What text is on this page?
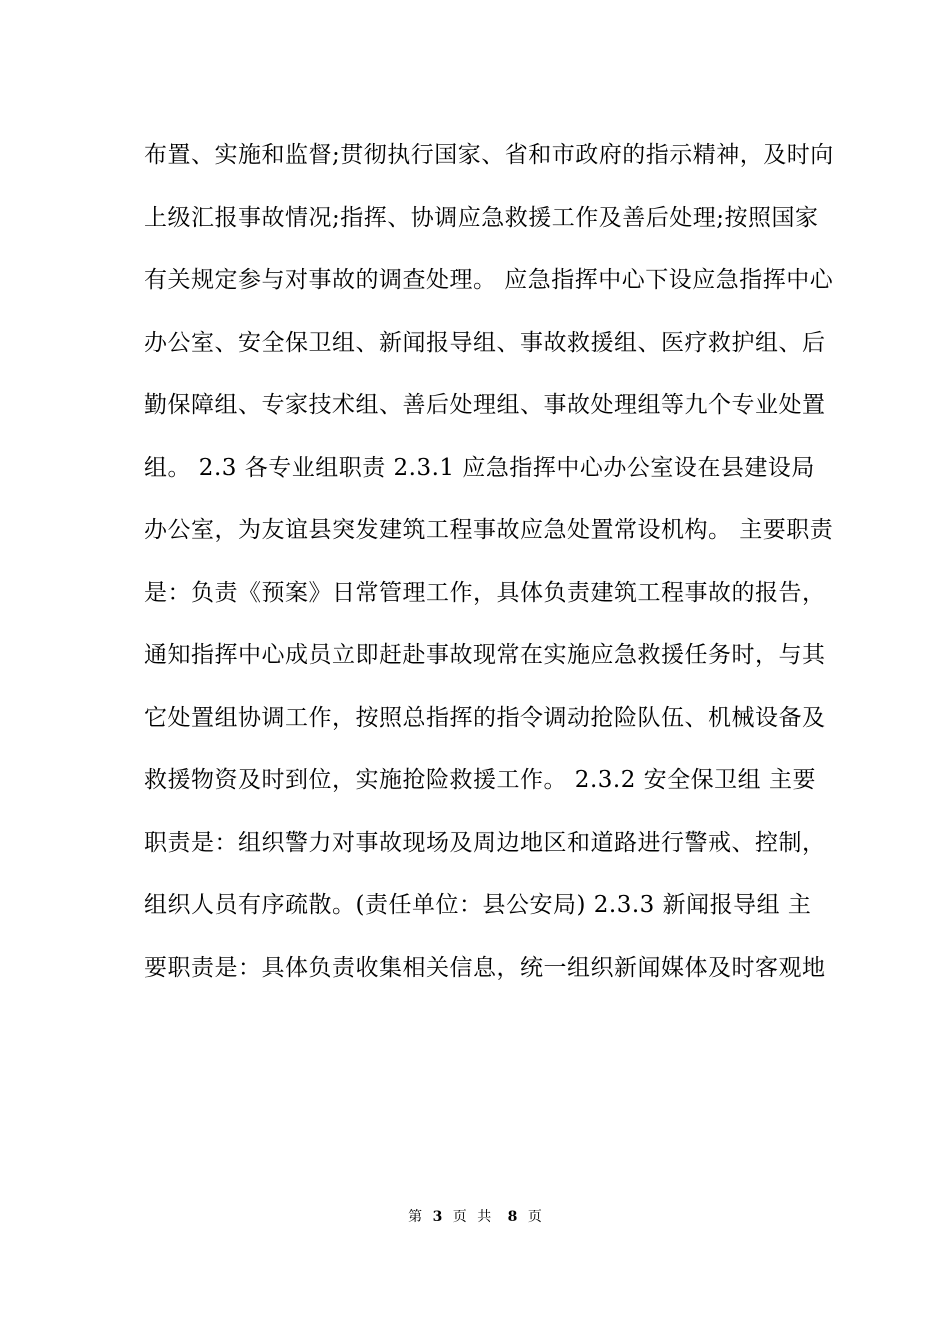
布置、实施和监督;贯彻执行国家、省和市政府的指示精神，及时向
上级汇报事故情况;指挥、协调应急救援工作及善后处理;按照国家
有关规定参与对事故的调查处理。 应急指挥中心下设应急指挥中心
办公室、安全保卫组、新闻报导组、事故救援组、医疗救护组、后
勤保障组、专家技术组、善后处理组、事故处理组等九个专业处置
组。 2.3 各专业组职责 2.3.1 应急指挥中心办公室设在县建设局
办公室，为友谊县突发建筑工程事故应急处置常设机构。 主要职责
是：负责《预案》日常管理工作，具体负责建筑工程事故的报告，
通知指挥中心成员立即赶赴事故现常在实施应急救援任务时，与其
它处置组协调工作，按照总指挥的指令调动抢险队伍、机械设备及
救援物资及时到位，实施抢险救援工作。 2.3.2 安全保卫组 主要
职责是：组织警力对事故现场及周边地区和道路进行警戒、控制，
组织人员有序疏散。(责任单位：县公安局) 2.3.3 新闻报导组 主
要职责是：具体负责收集相关信息，统一组织新闻媒体及时客观地
第 3 页 共 8 页
